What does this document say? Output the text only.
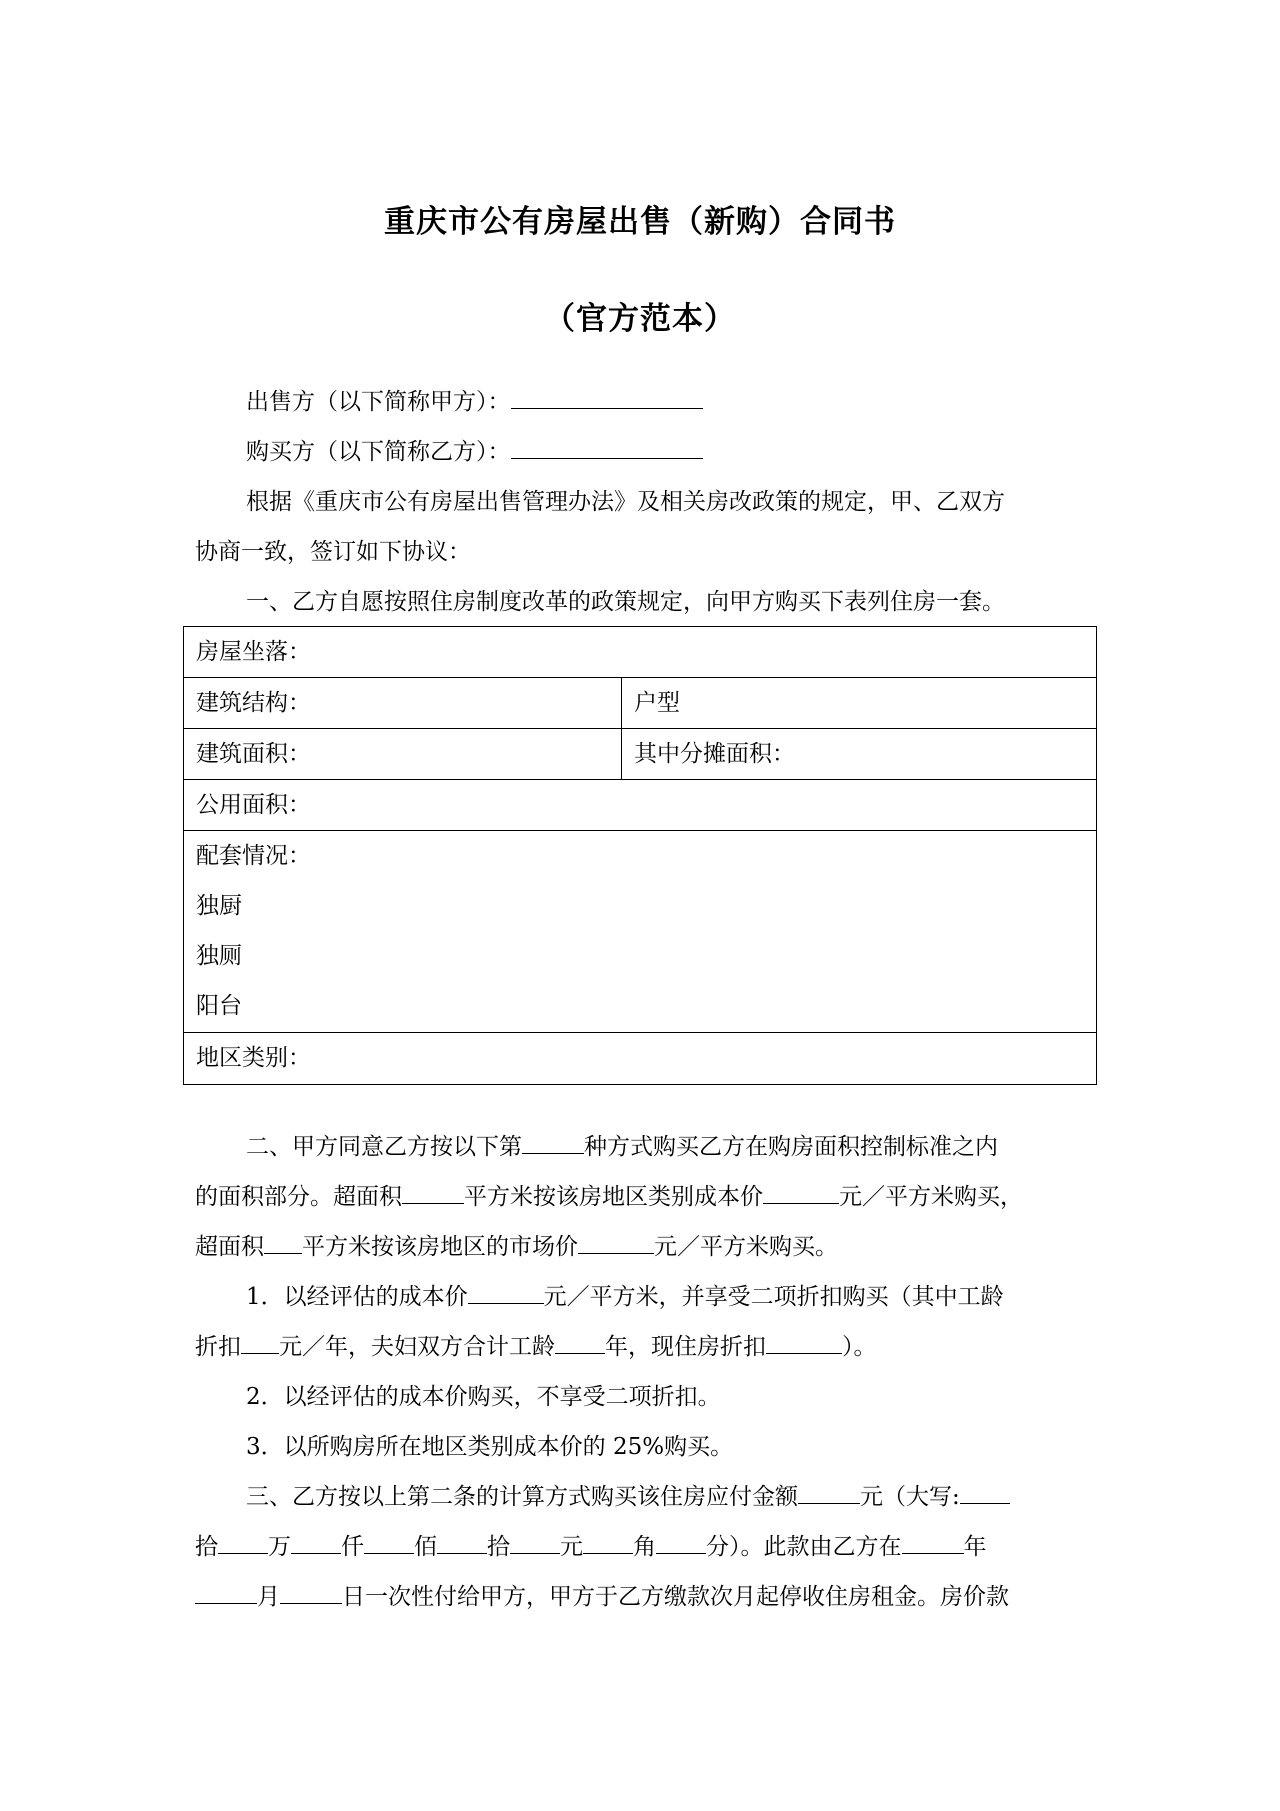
重庆市公有房屋出售（新购）合同书
（官方范本）
出售方（以下简称甲方）：
购买方（以下简称乙方）：
根据《重庆市公有房屋出售管理办法》及相关房改政策的规定，甲、乙双方
协商一致，签订如下协议：
一、乙方自愿按照住房制度改革的政策规定，向甲方购买下表列住房一套。
房屋坐落：
建筑结构：	户型
建筑面积：	其中分摊面积：
公用面积：
配套情况：
独厨
独厕
阳台
地区类别：
二、甲方同意乙方按以下第	种方式购买乙方在购房面积控制标准之内
的面积部分。超面积	平方米按该房地区类别成本价	元／平方米购买，
超面积 平方米按该房地区的市场价	元／平方米购买。
1．以经评估的成本价	元／平方米，并享受二项折扣购买（其中工龄
折扣 元／年，夫妇双方合计工龄 年，现住房折扣	）。
2．以经评估的成本价购买，不享受二项折扣。
3．以所购房所在地区类别成本价的 25%购买。
三、乙方按以上第二条的计算方式购买该住房应付金额	元（大写:
拾 万 仟 佰 拾 元 角 分）。此款由乙方在	年
月	日一次性付给甲方，甲方于乙方缴款次月起停收住房租金。房价款
